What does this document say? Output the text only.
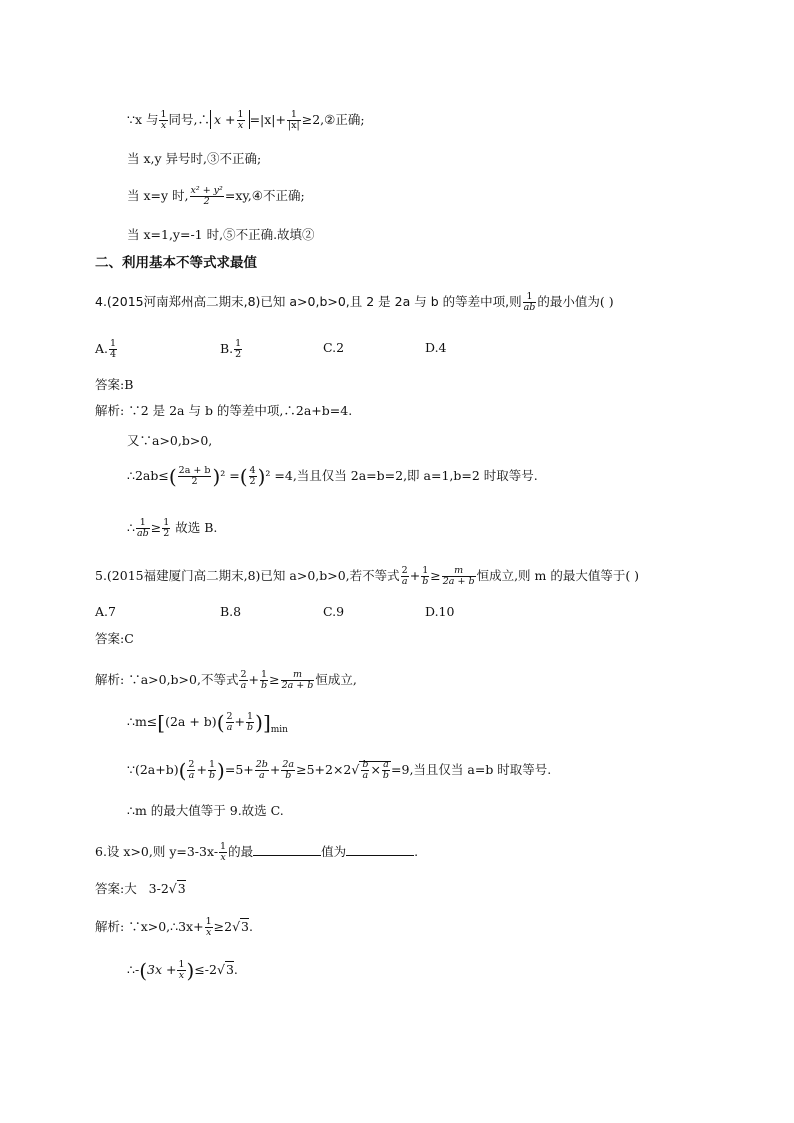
∵x 与 $\frac{1}{x}$ 同号,∴ $x + \frac{1}{x} =|x|+ \frac{1}{|x|}$ ≥2,②正确;
当 x,y 异号时,③不正确;
当 x=y 时, $\frac{\text{x² + y²}}{2}$ =xy,④不正确;
当 x=1,y=-1 时,⑤不正确.故填②
二、利用基本不等式求最值
4.(2015河南郑州高二期末,8)已知 a>0,b>0,且 2 是 2a 与 b 的等差中项,则 $\frac{1}{ab}$ 的最小值为( )
A. $\frac{1}{4}$	B. $\frac{1}{2}$	C.2	D.4
答案:B
解析: ∵2 是 2a 与 b 的等差中项,∴2a+b=4.
又∵a>0,b>0,
∴2ab≤( $\frac{2a + b}{2} )^2$ =( $\frac{4}{2} )^2 =4$,当且仅当 2a=b=2,即 a=1,b=2 时取等号.
∴ $\frac{1}{ab} \ge \frac{1}{2}$ 故选 B.
5.(2015福建厦门高二期末,8)已知 a>0,b>0,若不等式 $\frac{2}{a} + \frac{1}{b} \ge \frac{m}{2a + b}$ 恒成立,则 m 的最大值等于( )
A.7	B.8	C.9	D.10
答案:C
解析: ∵a>0,b>0,不等式 $\frac{2}{a} + \frac{1}{b} \ge \frac{m}{2a + b}$ 恒成立,
∴m≤[(2a + $b)( \frac{2}{a} + \frac{1}{b} )]_{min}$
∵(2a+b)( $\frac{2}{a} + \frac{1}{b} )=5+ \frac{2b}{a} + \frac{2a}{b} \ge 5+2\times 2√ \frac{b}{a} \times \frac{a}{b} =9$,当且仅当 a=b 时取等号.
∴m 的最大值等于 9.故选 C.
6.设 x>0,则 $y=3-3x- \frac{1}{x}$ 的最	值为	.
答案:大 3-2√3
解析: ∵x>0,∴3x+ $\frac{1}{x} \ge 2√3$.
∴-(3x + $\frac{1}{x} )\le-2√3$.
